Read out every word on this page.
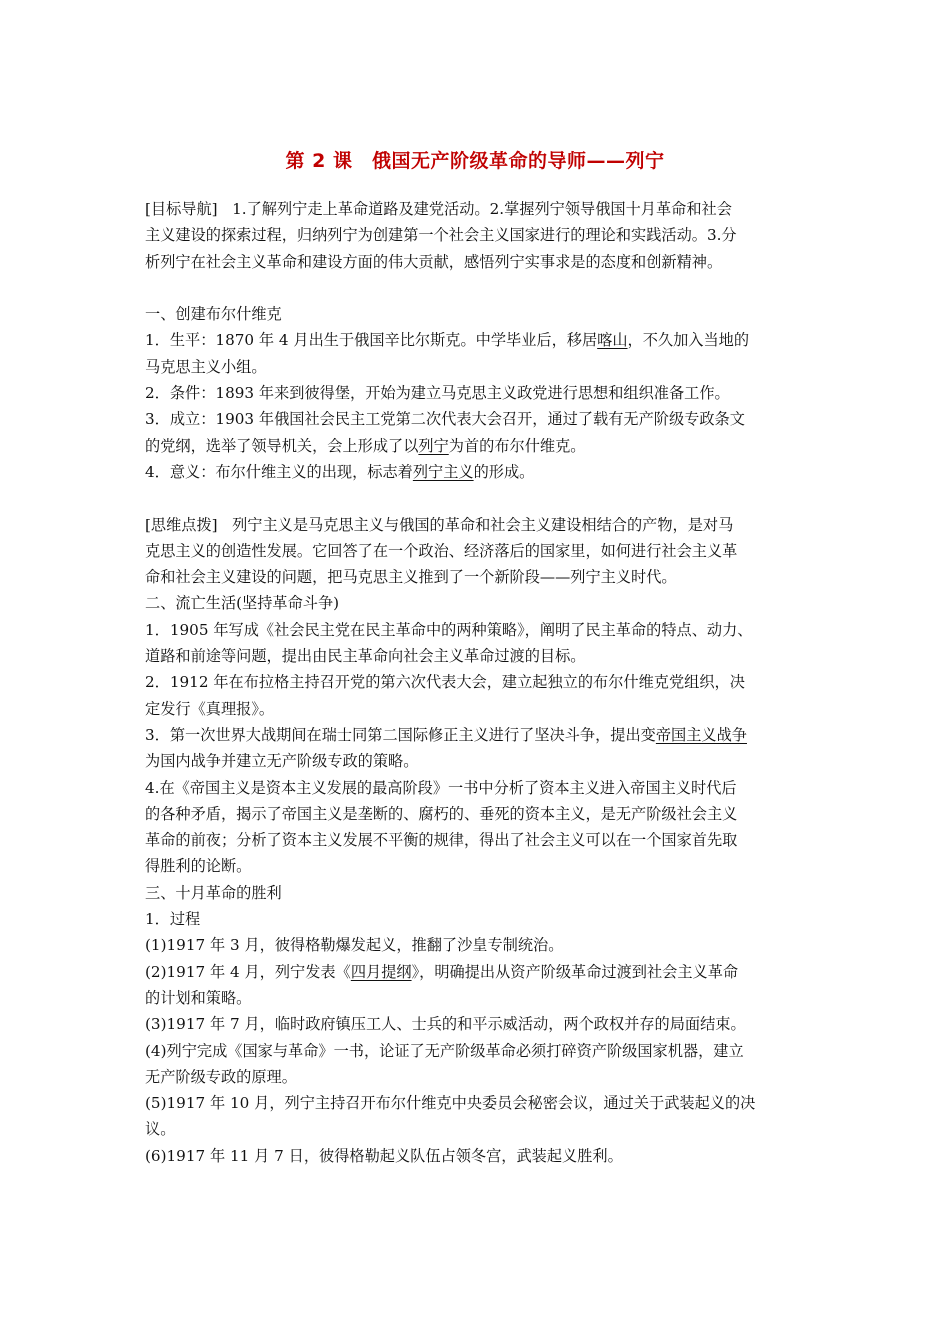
第 2 课　俄国无产阶级革命的导师——列宁
[目标导航] 1.了解列宁走上革命道路及建党活动。2.掌握列宁领导俄国十月革命和社会
主义建设的探索过程，归纳列宁为创建第一个社会主义国家进行的理论和实践活动。3.分
析列宁在社会主义革命和建设方面的伟大贡献，感悟列宁实事求是的态度和创新精神。
一、创建布尔什维克
1．生平：1870 年 4 月出生于俄国辛比尔斯克。中学毕业后，移居喀山，不久加入当地的
马克思主义小组。
2．条件：1893 年来到彼得堡，开始为建立马克思主义政党进行思想和组织准备工作。
3．成立：1903 年俄国社会民主工党第二次代表大会召开，通过了载有无产阶级专政条文
的党纲，选举了领导机关，会上形成了以列宁为首的布尔什维克。
4．意义：布尔什维主义的出现，标志着列宁主义的形成。
[思维点拨] 列宁主义是马克思主义与俄国的革命和社会主义建设相结合的产物，是对马
克思主义的创造性发展。它回答了在一个政治、经济落后的国家里，如何进行社会主义革
命和社会主义建设的问题，把马克思主义推到了一个新阶段——列宁主义时代。
二、流亡生活(坚持革命斗争)
1．1905 年写成《社会民主党在民主革命中的两种策略》，阐明了民主革命的特点、动力、
道路和前途等问题，提出由民主革命向社会主义革命过渡的目标。
2．1912 年在布拉格主持召开党的第六次代表大会，建立起独立的布尔什维克党组织，决
定发行《真理报》。
3．第一次世界大战期间在瑞士同第二国际修正主义进行了坚决斗争，提出变帝国主义战争
为国内战争并建立无产阶级专政的策略。
4.在《帝国主义是资本主义发展的最高阶段》一书中分析了资本主义进入帝国主义时代后
的各种矛盾，揭示了帝国主义是垄断的、腐朽的、垂死的资本主义，是无产阶级社会主义
革命的前夜；分析了资本主义发展不平衡的规律，得出了社会主义可以在一个国家首先取
得胜利的论断。
三、十月革命的胜利
1．过程
(1)1917 年 3 月，彼得格勒爆发起义，推翻了沙皇专制统治。
(2)1917 年 4 月，列宁发表《四月提纲》，明确提出从资产阶级革命过渡到社会主义革命
的计划和策略。
(3)1917 年 7 月，临时政府镇压工人、士兵的和平示威活动，两个政权并存的局面结束。
(4)列宁完成《国家与革命》一书，论证了无产阶级革命必须打碎资产阶级国家机器，建立
无产阶级专政的原理。
(5)1917 年 10 月，列宁主持召开布尔什维克中央委员会秘密会议，通过关于武装起义的决
议。
(6)1917 年 11 月 7 日，彼得格勒起义队伍占领冬宫，武装起义胜利。
